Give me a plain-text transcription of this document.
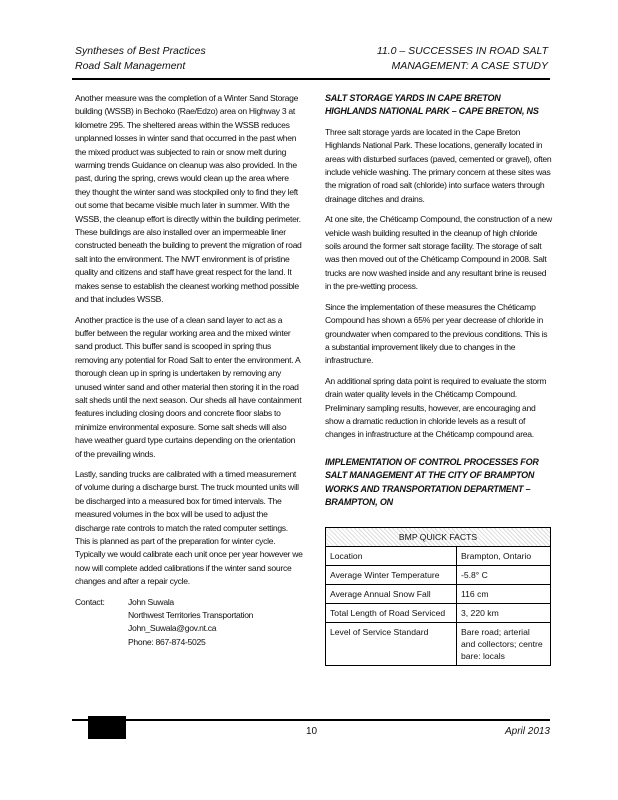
Syntheses of Best Practices
Road Salt Management
11.0 – SUCCESSES IN ROAD SALT
MANAGEMENT: A CASE STUDY

Another measure was the completion of a Winter Sand Storage building (WSSB) in Bechoko (Rae/Edzo) area on Highway 3 at kilometre 295. The sheltered areas within the WSSB reduces unplanned losses in winter sand that occurred in the past when the mixed product was subjected to rain or snow melt during warming trends Guidance on cleanup was also provided. In the past, during the spring, crews would clean up the area where they thought the winter sand was stockpiled only to find they left out some that became visible much later in summer. With the WSSB, the cleanup effort is directly within the building perimeter. These buildings are also installed over an impermeable liner constructed beneath the building to prevent the migration of road salt into the environment. The NWT environment is of pristine quality and citizens and staff have great respect for the land. It makes sense to establish the cleanest working method possible and that includes WSSB.

Another practice is the use of a clean sand layer to act as a buffer between the regular working area and the mixed winter sand product. This buffer sand is scooped in spring thus removing any potential for Road Salt to enter the environment. A thorough clean up in spring is undertaken by removing any unused winter sand and other material then storing it in the road salt sheds until the next season. Our sheds all have containment features including closing doors and concrete floor slabs to minimize environmental exposure. Some salt sheds will also have weather guard type curtains depending on the orientation of the prevailing winds.

Lastly, sanding trucks are calibrated with a timed measurement of volume during a discharge burst. The truck mounted units will be discharged into a measured box for timed intervals. The measured volumes in the box will be used to adjust the discharge rate controls to match the rated computer settings. This is planned as part of the preparation for winter cycle. Typically we would calibrate each unit once per year however we now will complete added calibrations if the winter sand source changes and after a repair cycle.

Contact:	John Suwala
Northwest Territories Transportation
John_Suwala@gov.nt.ca
Phone: 867-874-5025
SALT STORAGE YARDS IN CAPE BRETON HIGHLANDS NATIONAL PARK – CAPE BRETON, NS

Three salt storage yards are located in the Cape Breton Highlands National Park. These locations, generally located in areas with disturbed surfaces (paved, cemented or gravel), often include vehicle washing. The primary concern at these sites was the migration of road salt (chloride) into surface waters through drainage ditches and drains.

At one site, the Chéticamp Compound, the construction of a new vehicle wash building resulted in the cleanup of high chloride soils around the former salt storage facility. The storage of salt was then moved out of the Chéticamp Compound in 2008. Salt trucks are now washed inside and any resultant brine is reused in the pre-wetting process.

Since the implementation of these measures the Chéticamp Compound has shown a 65% per year decrease of chloride in groundwater when compared to the previous conditions. This is a substantial improvement likely due to changes in the infrastructure.

An additional spring data point is required to evaluate the storm drain water quality levels in the Chéticamp Compound. Preliminary sampling results, however, are encouraging and show a dramatic reduction in chloride levels as a result of changes in infrastructure at the Chéticamp compound area.

IMPLEMENTATION OF CONTROL PROCESSES FOR SALT MANAGEMENT AT THE CITY OF BRAMPTON WORKS AND TRANSPORTATION DEPARTMENT – BRAMPTON, ON
BMP QUICK FACTS	
Location	Brampton, Ontario
Average Winter Temperature	-5.8° C
Average Annual Snow Fall	116 cm
Total Length of Road Serviced	3, 220 km
Level of Service Standard	Bare road; arterial and collectors; centre bare: locals
10	April 2013
